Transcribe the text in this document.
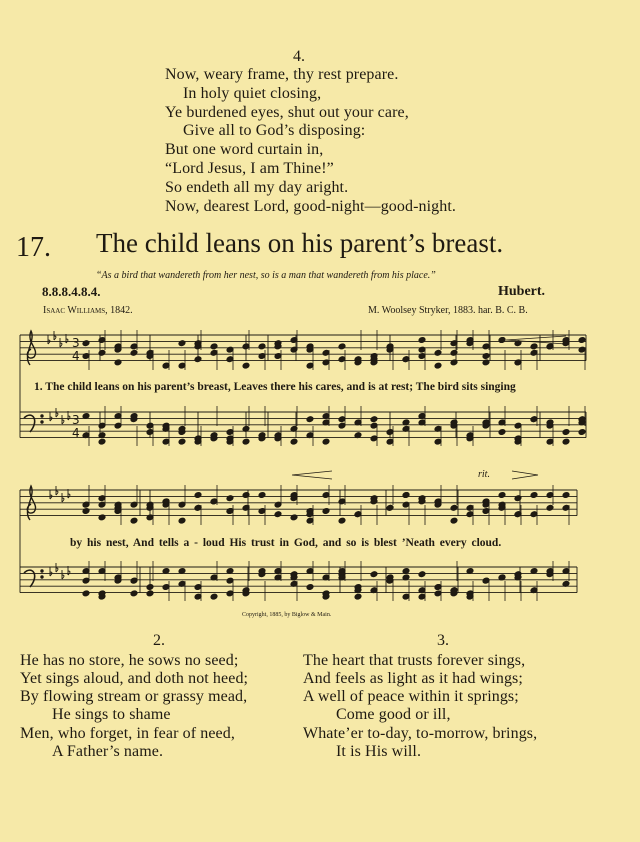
4.
Now, weary frame, thy rest prepare.
In holy quiet closing,
Ye burdened eyes, shut out your care,
Give all to God’s disposing:
But one word curtain in,
“Lord Jesus, I am Thine!”
So endeth all my day aright.
Now, dearest Lord, good-night—good-night.
17. The child leans on his parent’s breast.
“As a bird that wandereth from her nest, so is a man that wandereth from his place.”
8.8.8.4.8.4.	Hubert.
Isaac Williams, 1842.	M. Woolsey Stryker, 1883. har. B. C. B.
3
4
3
4
1. The child leans on his parent’s breast, Leaves there his cares, and is at rest; The bird sits singing
by his nest, And tells a - loud His trust in God, and so is blest ’Neath every cloud.
rit.
Copyright, 1885, by Biglow & Main.
2.
He has no store, he sows no seed;
Yet sings aloud, and doth not heed;
By flowing stream or grassy mead,
He sings to shame
Men, who forget, in fear of need,
A Father’s name.
3.
The heart that trusts forever sings,
And feels as light as it had wings;
A well of peace within it springs;
Come good or ill,
Whate’er to-day, to-morrow, brings,
It is His will.
